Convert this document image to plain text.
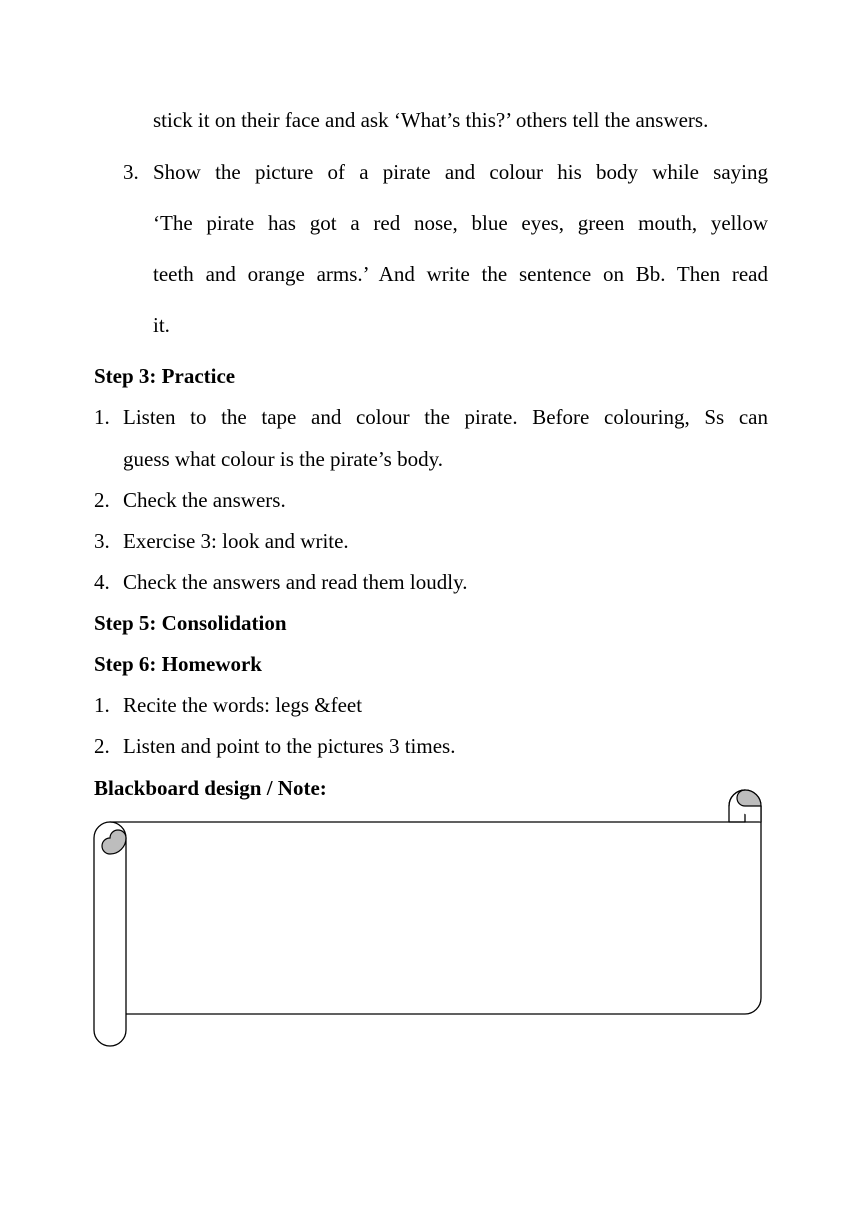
stick it on their face and ask ‘What’s this?’ others tell the answers.
3. Show the picture of a pirate and colour his body while saying
‘The pirate has got a red nose, blue eyes, green mouth, yellow
teeth and orange arms.’ And write the sentence on Bb. Then read
it.
Step 3: Practice
1. Listen to the tape and colour the pirate. Before colouring, Ss can
guess what colour is the pirate’s body.
2. Check the answers.
3. Exercise 3: look and write.
4. Check the answers and read them loudly.
Step 5: Consolidation
Step 6: Homework
1. Recite the words: legs &feet
2. Listen and point to the pictures 3 times.
Blackboard design / Note:
